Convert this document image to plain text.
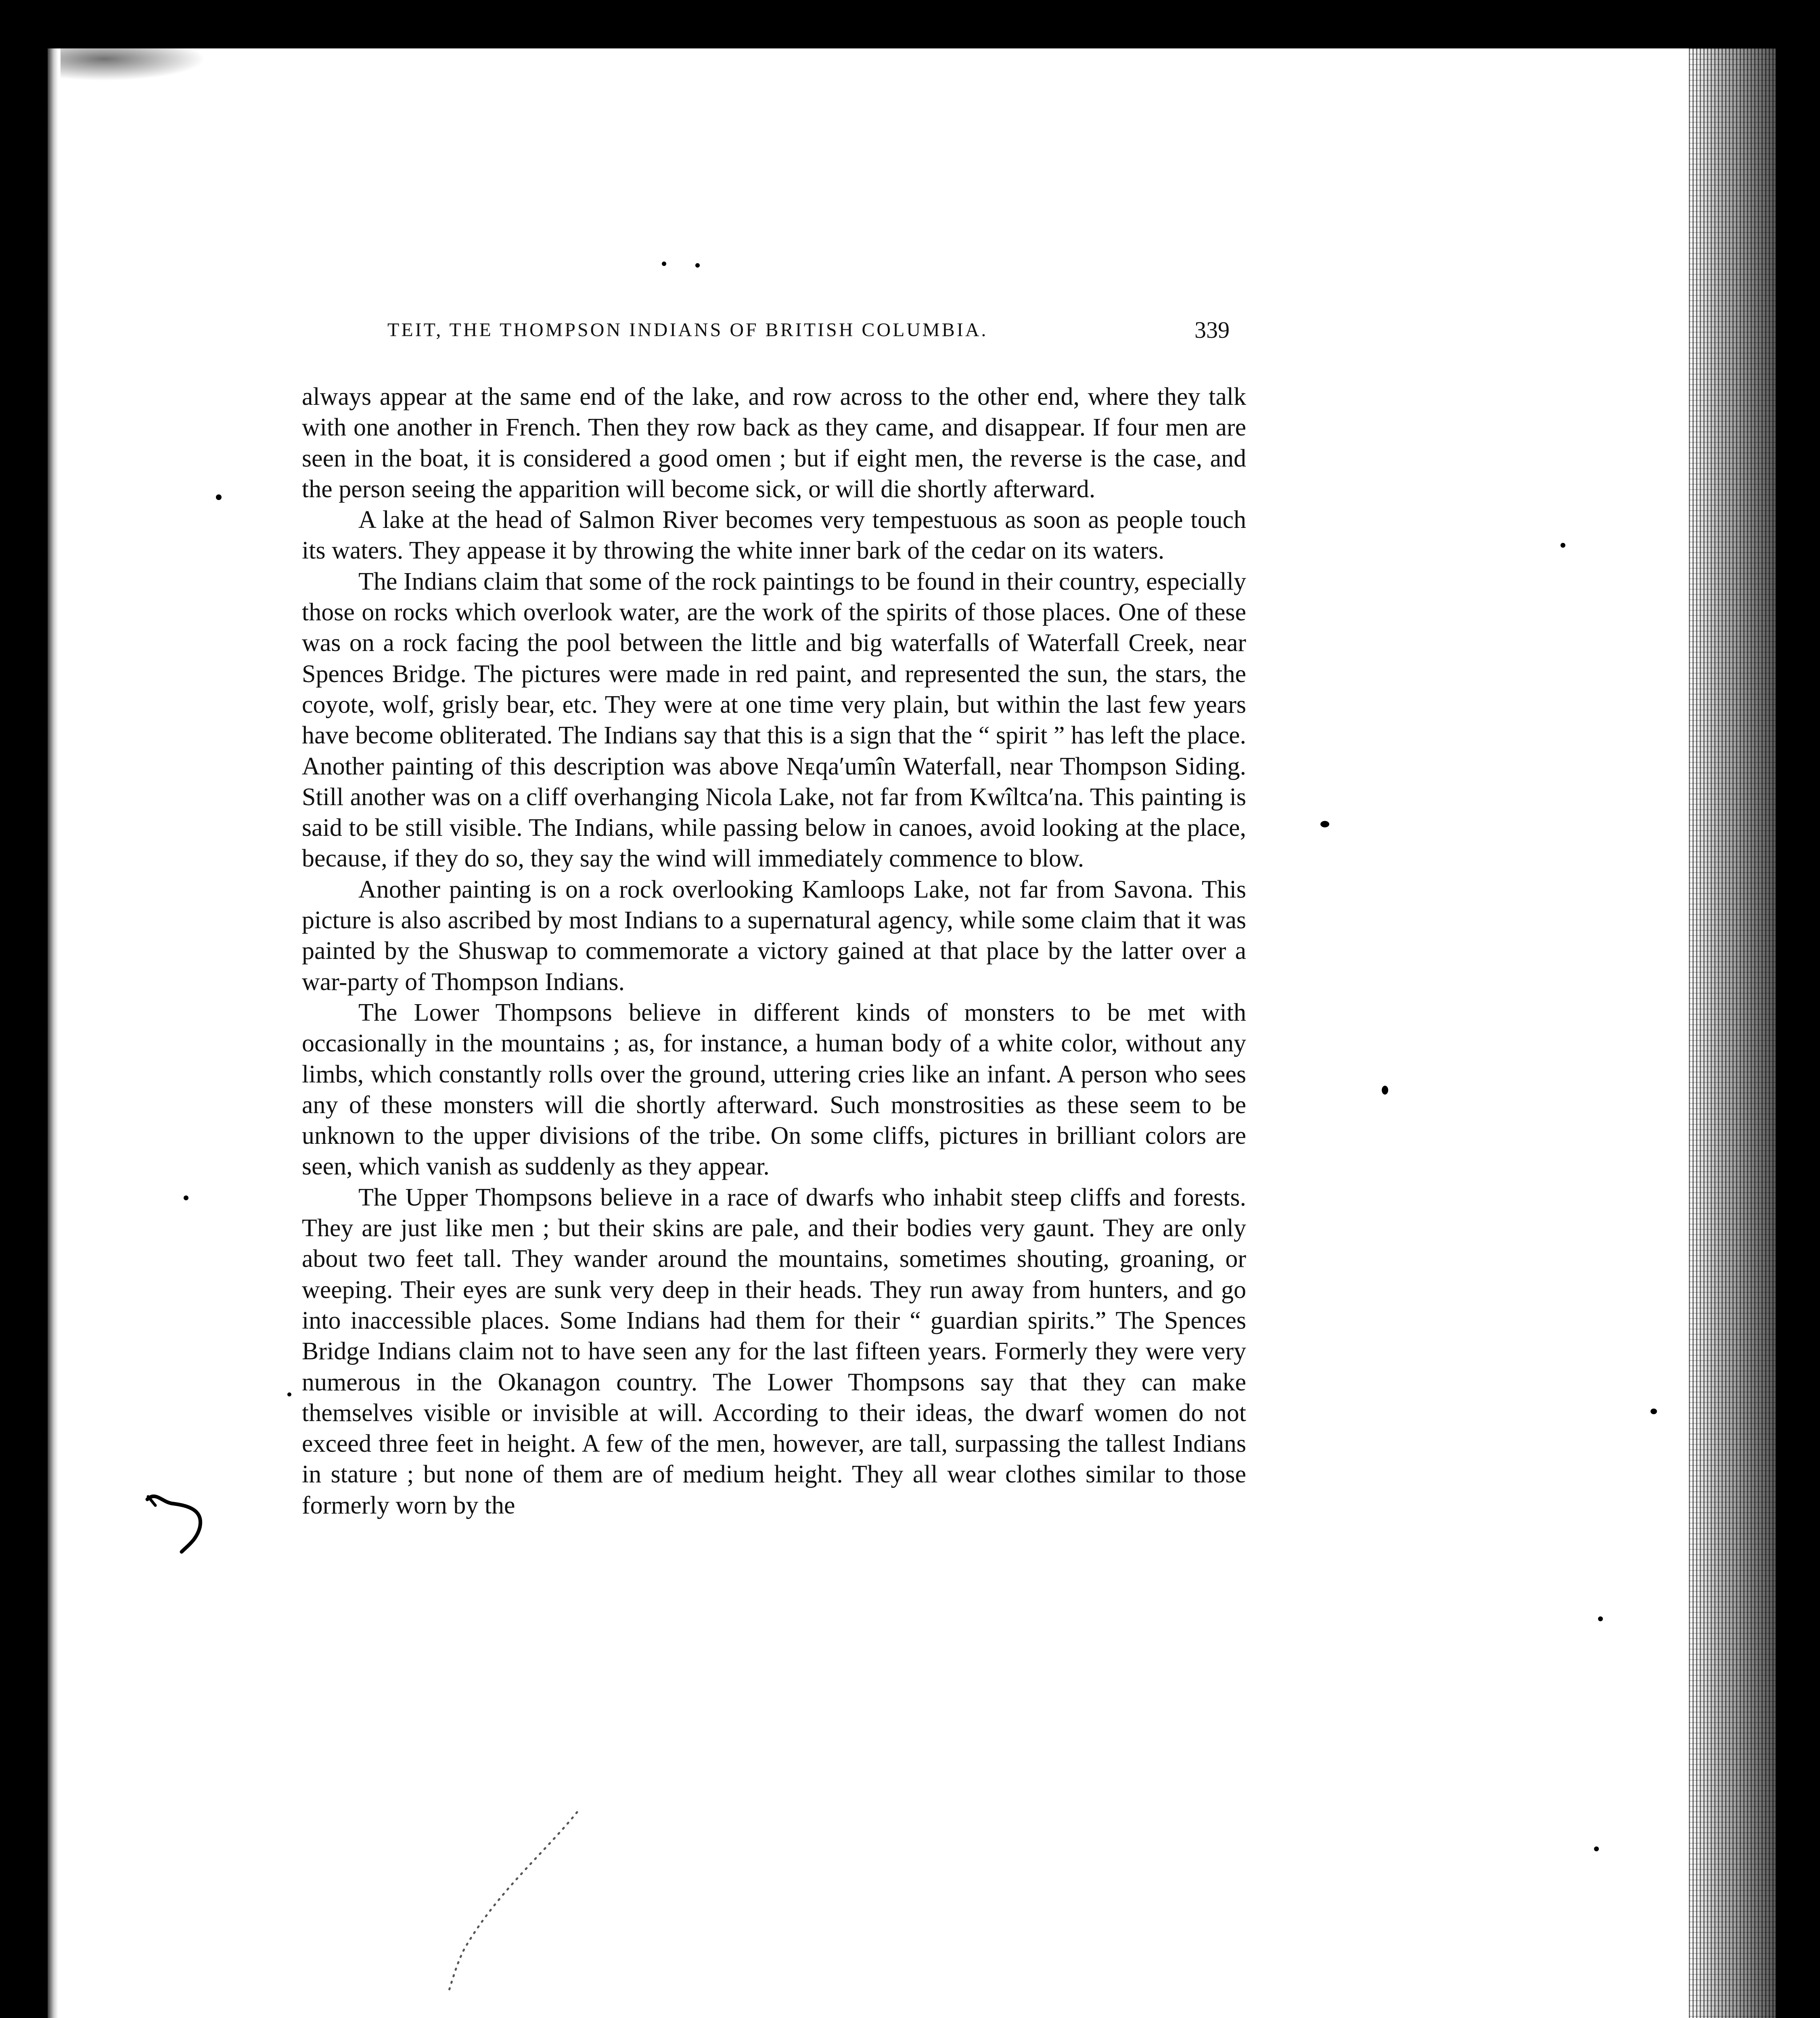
TEIT, THE THOMPSON INDIANS OF BRITISH COLUMBIA.	339

always appear at the same end of the lake, and row across to the other end, where they talk with one another in French. Then they row back as they came, and disappear. If four men are seen in the boat, it is considered a good omen ; but if eight men, the reverse is the case, and the person seeing the apparition will become sick, or will die shortly afterward.

A lake at the head of Salmon River becomes very tempestuous as soon as people touch its waters. They appease it by throwing the white inner bark of the cedar on its waters.

The Indians claim that some of the rock paintings to be found in their country, especially those on rocks which overlook water, are the work of the spirits of those places. One of these was on a rock facing the pool between the little and big waterfalls of Waterfall Creek, near Spences Bridge. The pictures were made in red paint, and represented the sun, the stars, the coyote, wolf, grisly bear, etc. They were at one time very plain, but within the last few years have become obliterated. The Indians say that this is a sign that the “ spirit ” has left the place. Another painting of this description was above Nᴇqa′umîn Waterfall, near Thompson Siding. Still another was on a cliff overhanging Nicola Lake, not far from Kwîltca′na. This painting is said to be still visible. The Indians, while passing below in canoes, avoid looking at the place, because, if they do so, they say the wind will immediately commence to blow.

Another painting is on a rock overlooking Kamloops Lake, not far from Savona. This picture is also ascribed by most Indians to a supernatural agency, while some claim that it was painted by the Shuswap to commemorate a victory gained at that place by the latter over a war-party of Thompson Indians.

The Lower Thompsons believe in different kinds of monsters to be met with occasionally in the mountains ; as, for instance, a human body of a white color, without any limbs, which constantly rolls over the ground, uttering cries like an infant. A person who sees any of these monsters will die shortly afterward. Such monstrosities as these seem to be unknown to the upper divisions of the tribe. On some cliffs, pictures in brilliant colors are seen, which vanish as suddenly as they appear.

The Upper Thompsons believe in a race of dwarfs who inhabit steep cliffs and forests. They are just like men ; but their skins are pale, and their bodies very gaunt. They are only about two feet tall. They wander around the mountains, sometimes shouting, groaning, or weeping. Their eyes are sunk very deep in their heads. They run away from hunters, and go into inaccessible places. Some Indians had them for their “ guardian spirits.” The Spences Bridge Indians claim not to have seen any for the last fifteen years. Formerly they were very numerous in the Okanagon country. The Lower Thompsons say that they can make themselves visible or invisible at will. According to their ideas, the dwarf women do not exceed three feet in height. A few of the men, however, are tall, surpassing the tallest Indians in stature ; but none of them are of medium height. They all wear clothes similar to those formerly worn by the
